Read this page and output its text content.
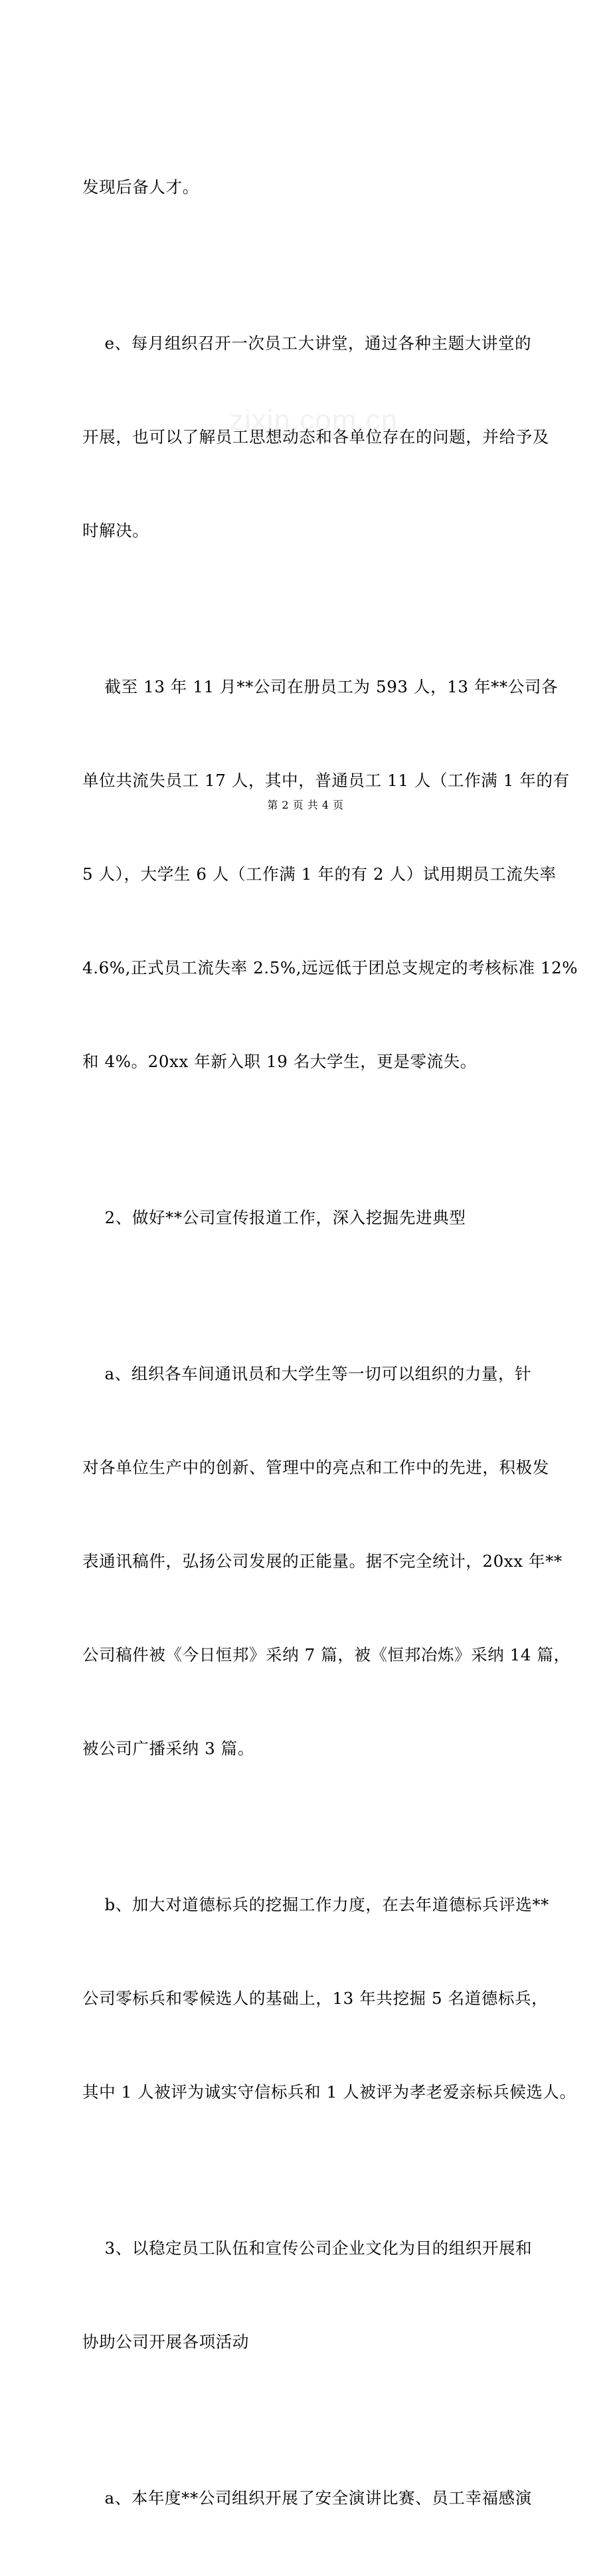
发现后备人才。

e、每月组织召开一次员工大讲堂，通过各种主题大讲堂的

开展，也可以了解员工思想动态和各单位存在的问题，并给予及

时解决。

截至 13 年 11 月**公司在册员工为 593 人，13 年**公司各

单位共流失员工 17 人，其中，普通员工 11 人（工作满 1 年的有

5 人），大学生 6 人（工作满 1 年的有 2 人）试用期员工流失率

4.6%,正式员工流失率 2.5%,远远低于团总支规定的考核标准 12%

和 4%。20xx 年新入职 19 名大学生，更是零流失。

2、做好**公司宣传报道工作，深入挖掘先进典型

a、组织各车间通讯员和大学生等一切可以组织的力量，针

对各单位生产中的创新、管理中的亮点和工作中的先进，积极发

表通讯稿件，弘扬公司发展的正能量。据不完全统计，20xx 年**

公司稿件被《今日恒邦》采纳 7 篇，被《恒邦冶炼》采纳 14 篇，

被公司广播采纳 3 篇。

b、加大对道德标兵的挖掘工作力度，在去年道德标兵评选**

公司零标兵和零候选人的基础上，13 年共挖掘 5 名道德标兵，

其中 1 人被评为诚实守信标兵和 1 人被评为孝老爱亲标兵候选人。

3、以稳定员工队伍和宣传公司企业文化为目的组织开展和

协助公司开展各项活动

a、本年度**公司组织开展了安全演讲比赛、员工幸福感演

zixin.com.cn
第 2 页 共 4 页
